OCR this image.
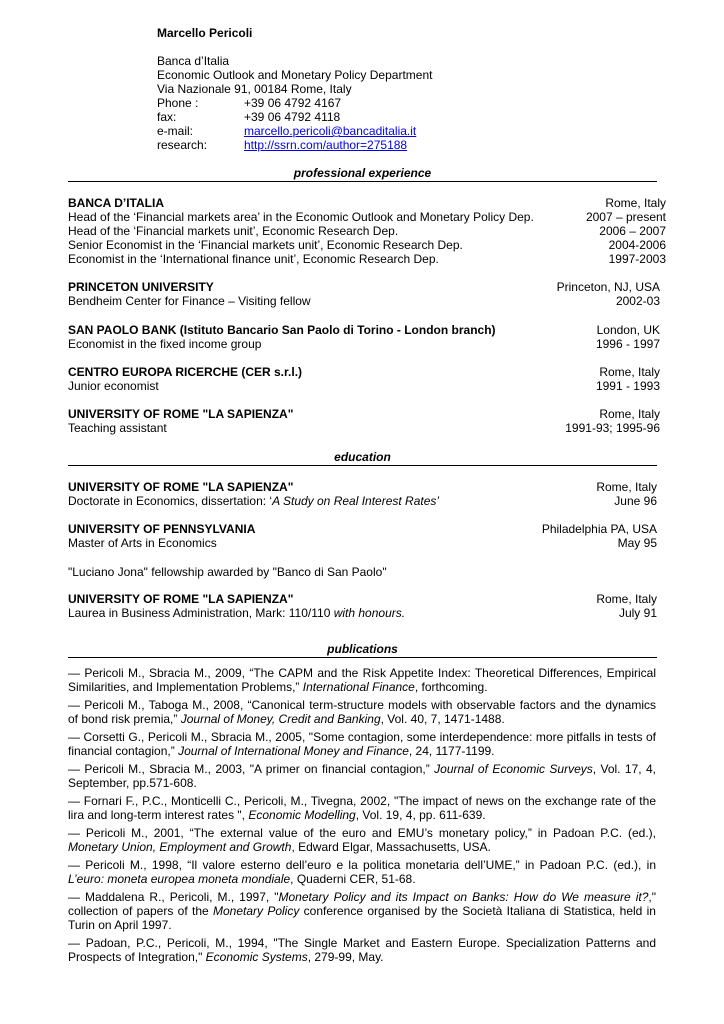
Marcello Pericoli
Banca d’Italia
Economic Outlook and Monetary Policy Department
Via Nazionale 91, 00184 Rome, Italy
Phone :	+39 06 4792 4167
fax:	+39 06 4792 4118
e-mail:	marcello.pericoli@bancaditalia.it
research:	http://ssrn.com/author=275188
professional experience
BANCA D’ITALIA	Rome, Italy
Head of the ‘Financial markets area’ in the Economic Outlook and Monetary Policy Dep.	2007 – present
Head of the ‘Financial markets unit’, Economic Research Dep.	2006 – 2007
Senior Economist in the ‘Financial markets unit’, Economic Research Dep.	2004-2006
Economist in the ‘International finance unit’, Economic Research Dep.	1997-2003
PRINCETON UNIVERSITY	Princeton, NJ, USA
Bendheim Center for Finance – Visiting fellow	2002-03
SAN PAOLO BANK (Istituto Bancario San Paolo di Torino - London branch)	London, UK
Economist in the fixed income group	1996 - 1997
CENTRO EUROPA RICERCHE (CER s.r.l.)	Rome, Italy
Junior economist	1991 - 1993
UNIVERSITY OF ROME "LA SAPIENZA"	Rome, Italy
Teaching assistant	1991-93; 1995-96
education
UNIVERSITY OF ROME "LA SAPIENZA"	Rome, Italy
Doctorate in Economics, dissertation: ‘A Study on Real Interest Rates’	June 96
UNIVERSITY OF PENNSYLVANIA	Philadelphia PA, USA
Master of Arts in Economics	May 95
"Luciano Jona" fellowship awarded by "Banco di San Paolo"
UNIVERSITY OF ROME "LA SAPIENZA"	Rome, Italy
Laurea in Business Administration, Mark: 110/110 with honours.	July 91
publications
— Pericoli M., Sbracia M., 2009, “The CAPM and the Risk Appetite Index: Theoretical Differences, Empirical Similarities, and Implementation Problems,” International Finance, forthcoming.
— Pericoli M., Taboga M., 2008, “Canonical term-structure models with observable factors and the dynamics of bond risk premia,” Journal of Money, Credit and Banking, Vol. 40, 7, 1471-1488.
— Corsetti G., Pericoli M., Sbracia M., 2005, "Some contagion, some interdependence: more pitfalls in tests of financial contagion,” Journal of International Money and Finance, 24, 1177-1199.
— Pericoli M., Sbracia M., 2003, "A primer on financial contagion,” Journal of Economic Surveys, Vol. 17, 4, September, pp.571-608.
— Fornari F., P.C., Monticelli C., Pericoli, M., Tivegna, 2002, "The impact of news on the exchange rate of the lira and long-term interest rates ", Economic Modelling, Vol. 19, 4, pp. 611-639.
— Pericoli M., 2001, “The external value of the euro and EMU’s monetary policy,” in Padoan P.C. (ed.), Monetary Union, Employment and Growth, Edward Elgar, Massachusetts, USA.
— Pericoli M., 1998, “Il valore esterno dell’euro e la politica monetaria dell’UME,” in Padoan P.C. (ed.), in L’euro: moneta europea moneta mondiale, Quaderni CER, 51-68.
— Maddalena R., Pericoli, M., 1997, "Monetary Policy and its Impact on Banks: How do We measure it?," collection of papers of the Monetary Policy conference organised by the Società Italiana di Statistica, held in Turin on April 1997.
— Padoan, P.C., Pericoli, M., 1994, "The Single Market and Eastern Europe. Specialization Patterns and Prospects of Integration," Economic Systems, 279-99, May.
